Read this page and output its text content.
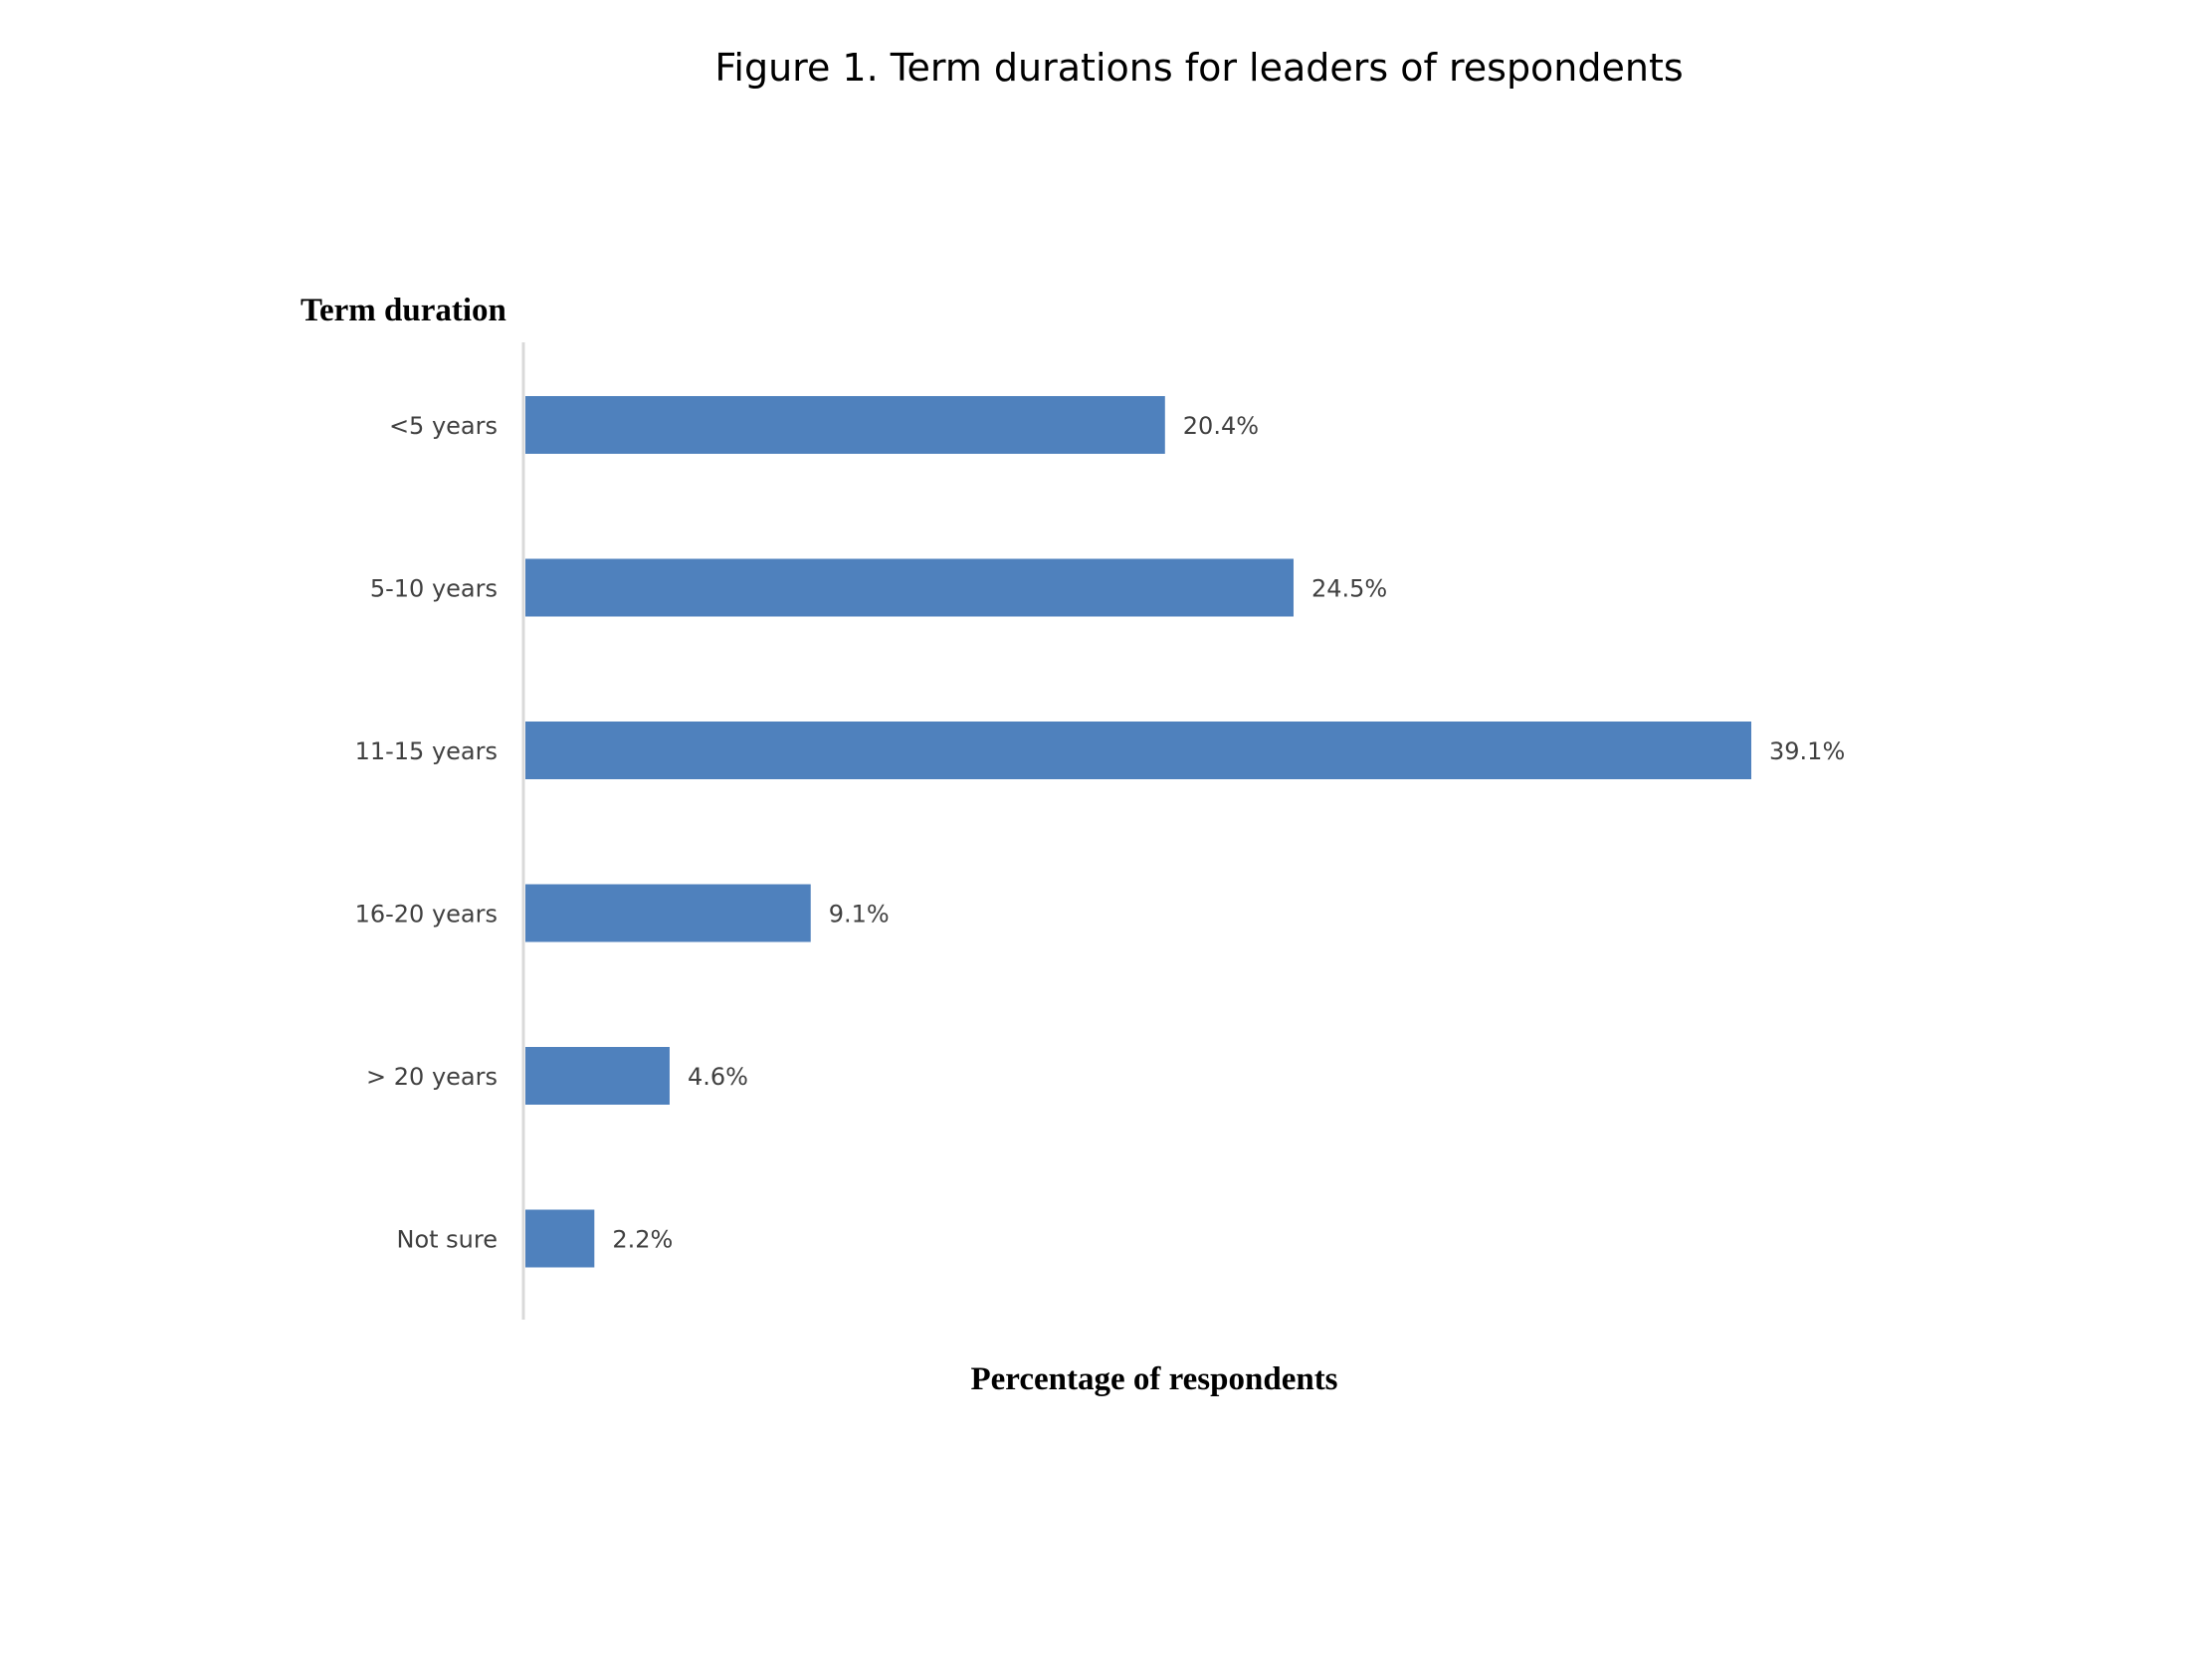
Figure 1. Term durations for leaders of respondents
Term duration
Percentage of respondents
<5 years	20.4%
5-10 years	24.5%
11-15 years	39.1%
16-20 years	9.1%
> 20 years	4.6%
Not sure	2.2%
